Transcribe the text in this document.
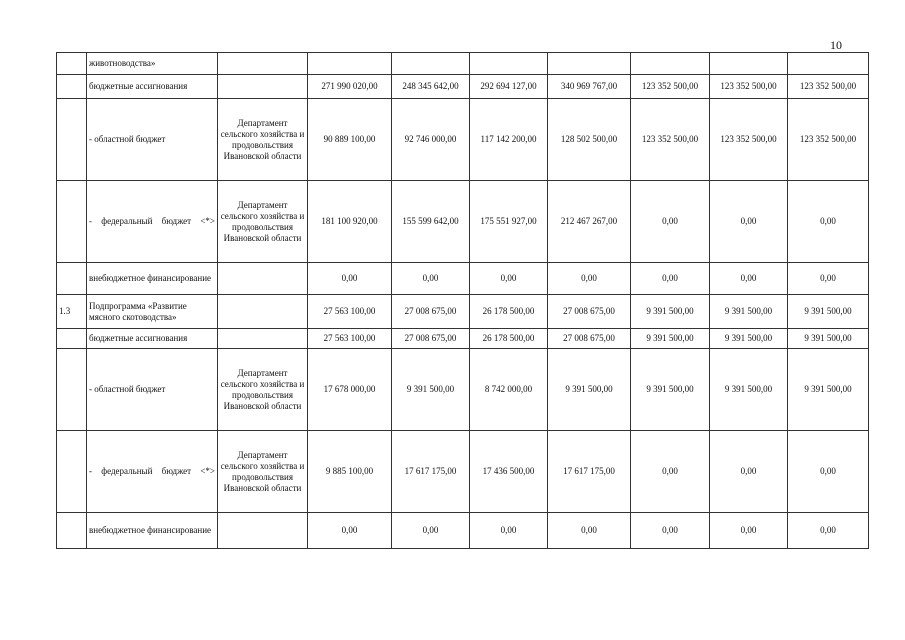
10
	животноводства»								
	бюджетные ассигнования		271 990 020,00	248 345 642,00	292 694 127,00	340 969 767,00	123 352 500,00	123 352 500,00	123 352 500,00
	- областной бюджет	Департамент сельского хозяйства и продовольствия Ивановской области	90 889 100,00	92 746 000,00	117 142 200,00	128 502 500,00	123 352 500,00	123 352 500,00	123 352 500,00
	- федеральный бюджет <*>	Департамент сельского хозяйства и продовольствия Ивановской области	181 100 920,00	155 599 642,00	175 551 927,00	212 467 267,00	0,00	0,00	0,00
	внебюджетное финансирование		0,00	0,00	0,00	0,00	0,00	0,00	0,00
1.3	Подпрограмма «Развитие мясного скотоводства»		27 563 100,00	27 008 675,00	26 178 500,00	27 008 675,00	9 391 500,00	9 391 500,00	9 391 500,00
	бюджетные ассигнования		27 563 100,00	27 008 675,00	26 178 500,00	27 008 675,00	9 391 500,00	9 391 500,00	9 391 500,00
	- областной бюджет	Департамент сельского хозяйства и продовольствия Ивановской области	17 678 000,00	9 391 500,00	8 742 000,00	9 391 500,00	9 391 500,00	9 391 500,00	9 391 500,00
	- федеральный бюджет <*>	Департамент сельского хозяйства и продовольствия Ивановской области	9 885 100,00	17 617 175,00	17 436 500,00	17 617 175,00	0,00	0,00	0,00
	внебюджетное финансирование		0,00	0,00	0,00	0,00	0,00	0,00	0,00
